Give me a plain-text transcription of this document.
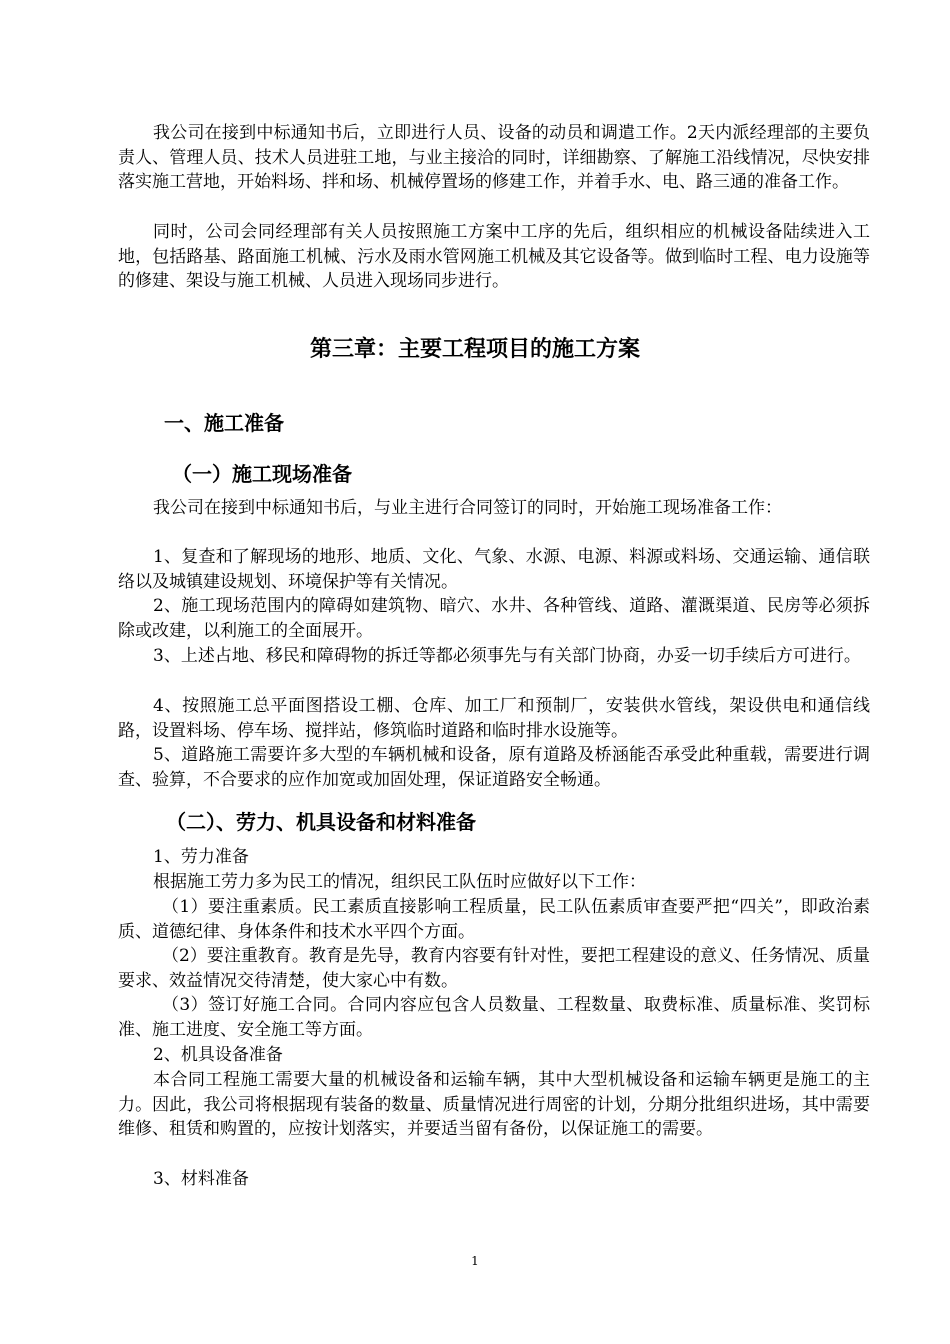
我公司在接到中标通知书后，立即进行人员、设备的动员和调遣工作。2天内派经理部的主要负责人、管理人员、技术人员进驻工地，与业主接洽的同时，详细勘察、了解施工沿线情况，尽快安排落实施工营地，开始料场、拌和场、机械停置场的修建工作，并着手水、电、路三通的准备工作。

同时，公司会同经理部有关人员按照施工方案中工序的先后，组织相应的机械设备陆续进入工地，包括路基、路面施工机械、污水及雨水管网施工机械及其它设备等。做到临时工程、电力设施等的修建、架设与施工机械、人员进入现场同步进行。

第三章：主要工程项目的施工方案
一、施工准备
（一）施工现场准备

我公司在接到中标通知书后，与业主进行合同签订的同时，开始施工现场准备工作：

1、复查和了解现场的地形、地质、文化、气象、水源、电源、料源或料场、交通运输、通信联络以及城镇建设规划、环境保护等有关情况。

2、施工现场范围内的障碍如建筑物、暗穴、水井、各种管线、道路、灌溉渠道、民房等必须拆除或改建，以利施工的全面展开。

3、上述占地、移民和障碍物的拆迁等都必须事先与有关部门协商，办妥一切手续后方可进行。

4、按照施工总平面图搭设工棚、仓库、加工厂和预制厂，安装供水管线，架设供电和通信线路，设置料场、停车场、搅拌站，修筑临时道路和临时排水设施等。

5、道路施工需要许多大型的车辆机械和设备，原有道路及桥涵能否承受此种重载，需要进行调查、验算，不合要求的应作加宽或加固处理，保证道路安全畅通。

（二）、劳力、机具设备和材料准备

1、劳力准备

根据施工劳力多为民工的情况，组织民工队伍时应做好以下工作：

（1）要注重素质。民工素质直接影响工程质量，民工队伍素质审查要严把“四关”，即政治素质、道德纪律、身体条件和技术水平四个方面。

（2）要注重教育。教育是先导，教育内容要有针对性，要把工程建设的意义、任务情况、质量要求、效益情况交待清楚，使大家心中有数。

（3）签订好施工合同。合同内容应包含人员数量、工程数量、取费标准、质量标准、奖罚标准、施工进度、安全施工等方面。

2、机具设备准备

本合同工程施工需要大量的机械设备和运输车辆，其中大型机械设备和运输车辆更是施工的主力。因此，我公司将根据现有装备的数量、质量情况进行周密的计划，分期分批组织进场，其中需要维修、租赁和购置的，应按计划落实，并要适当留有备份，以保证施工的需要。

3、材料准备

1
